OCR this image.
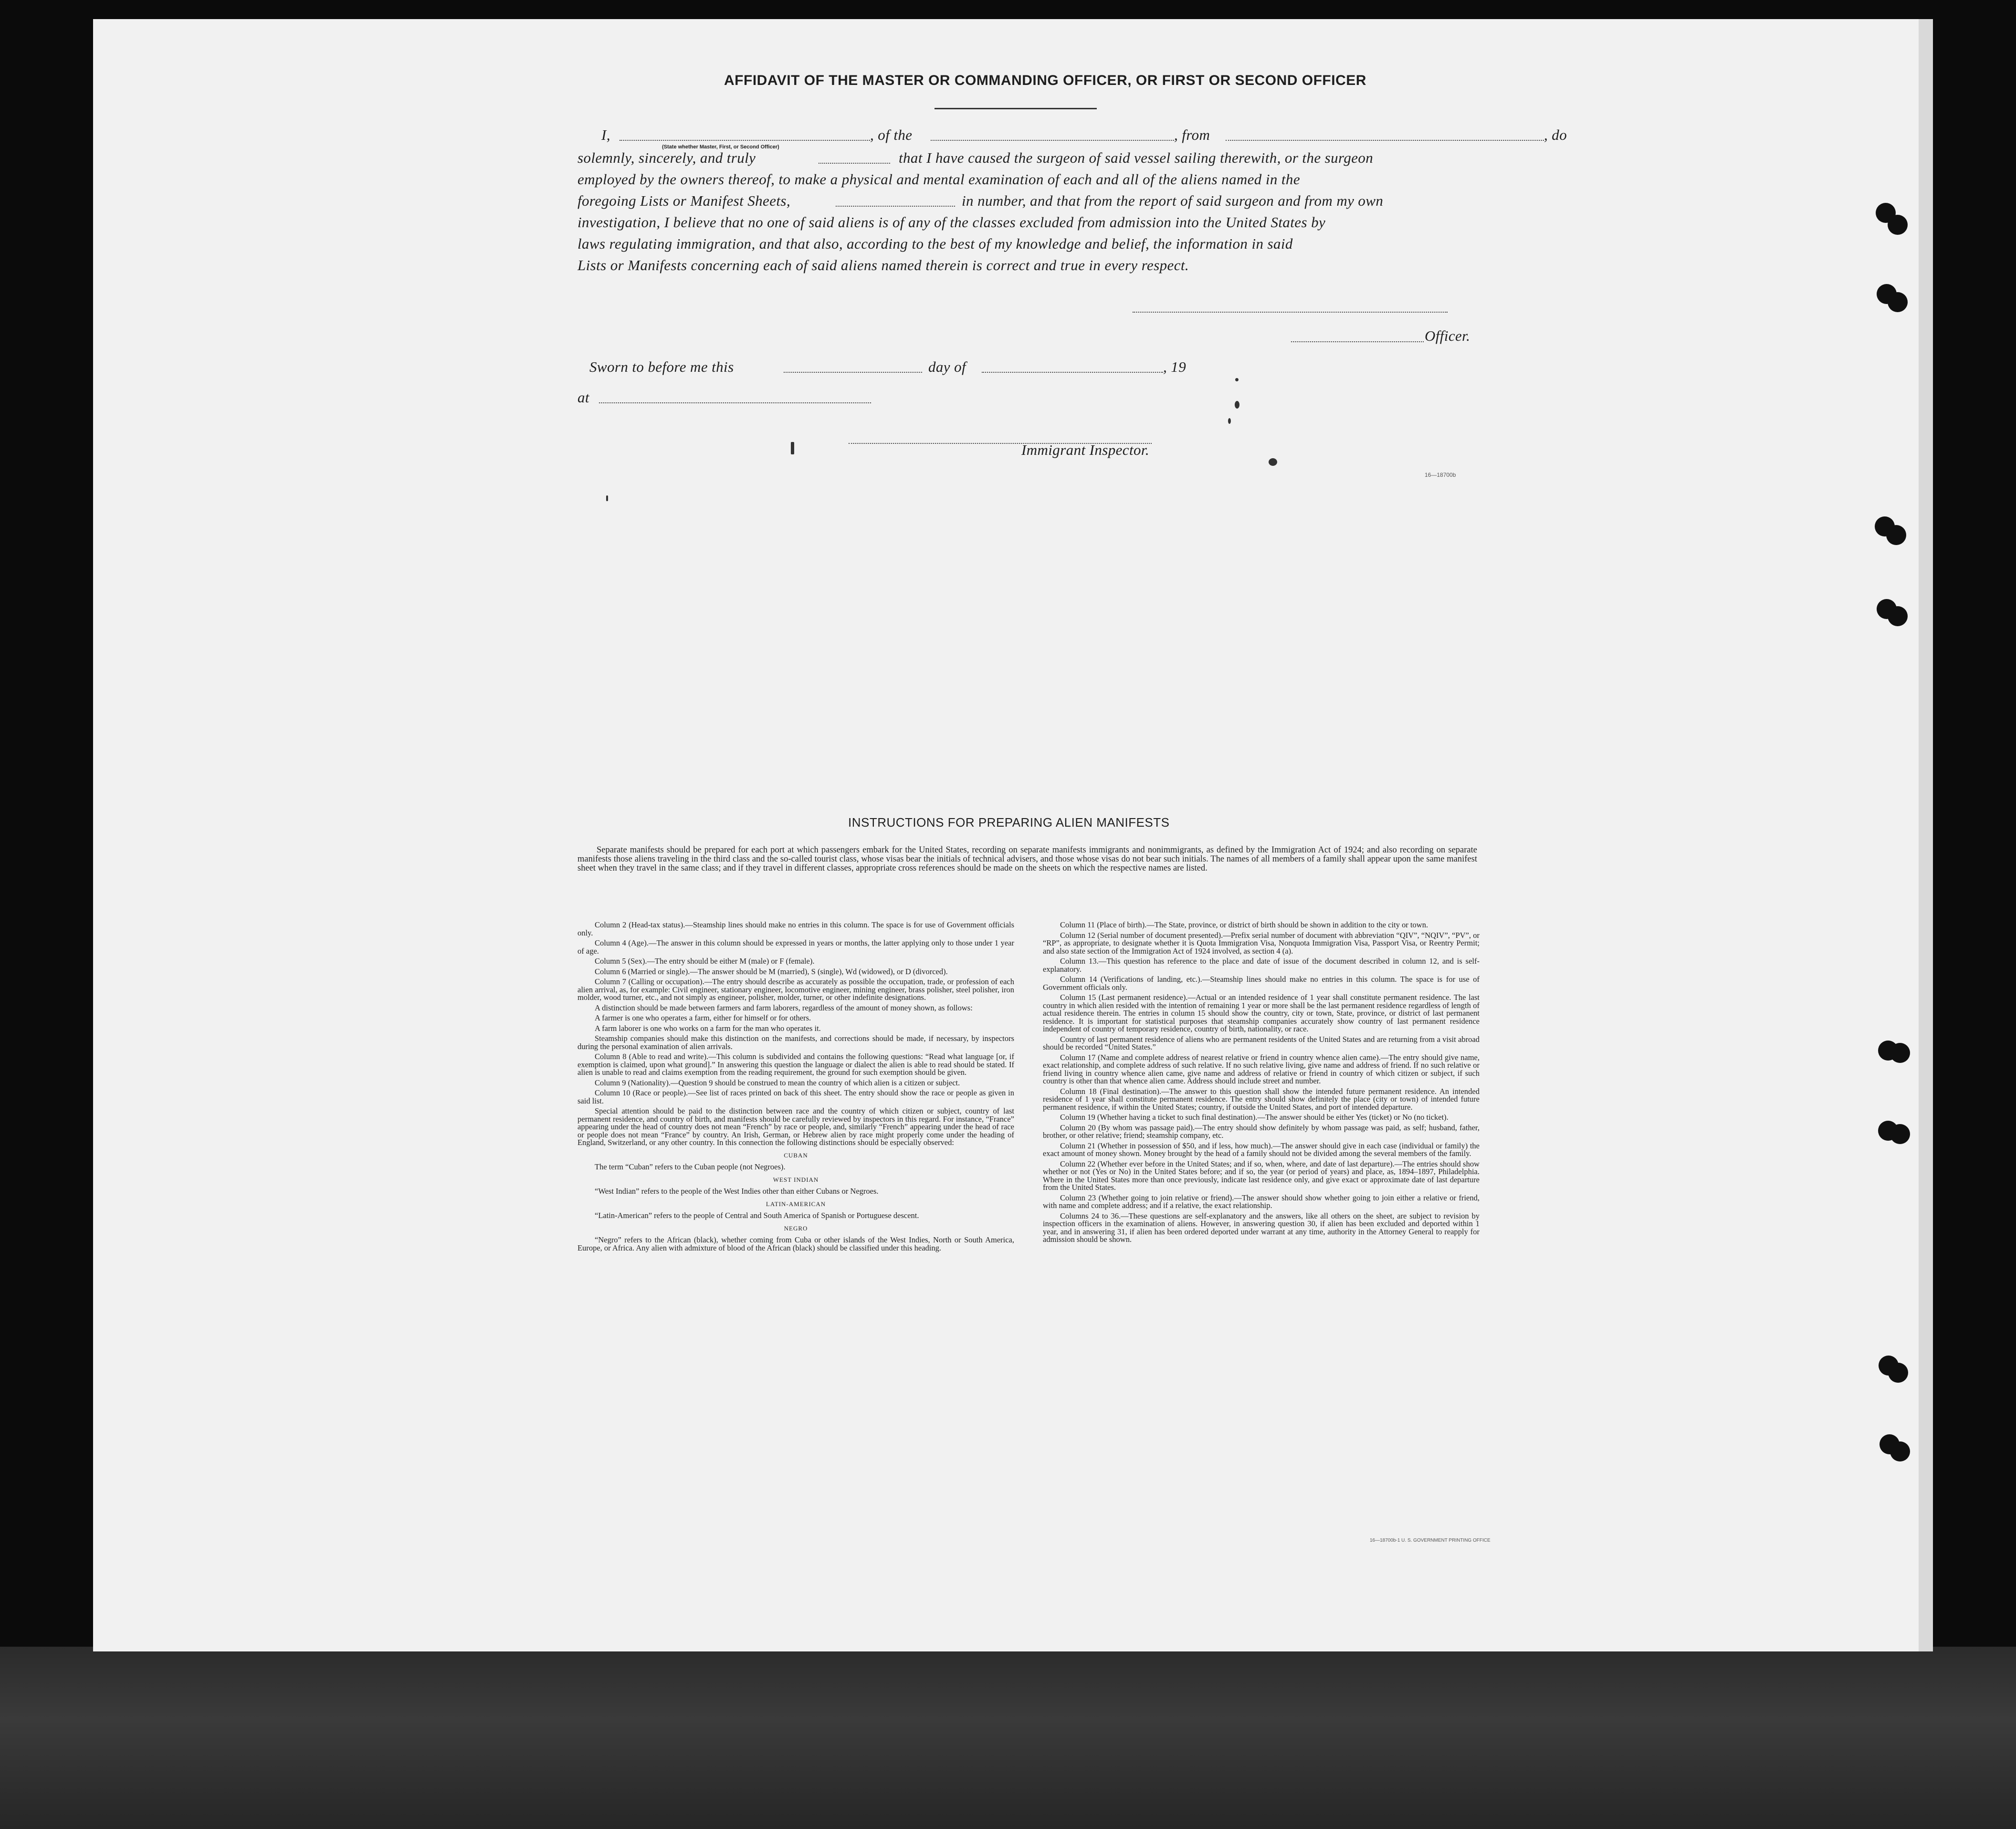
AFFIDAVIT OF THE MASTER OR COMMANDING OFFICER, OR FIRST OR SECOND OFFICER
I,
(State whether Master, First, or Second Officer)
, of the	, from	, do
solemnly, sincerely, and truly	that I have caused the surgeon of said vessel sailing therewith, or the surgeon
employed by the owners thereof, to make a physical and mental examination of each and all of the aliens named in the
foregoing Lists or Manifest Sheets,	in number, and that from the report of said surgeon and from my own
investigation, I believe that no one of said aliens is of any of the classes excluded from admission into the United States by
laws regulating immigration, and that also, according to the best of my knowledge and belief, the information in said
Lists or Manifests concerning each of said aliens named therein is correct and true in every respect.
Officer.
Sworn to before me this	day of	, 19
at
Immigrant Inspector.
16—18700b
INSTRUCTIONS FOR PREPARING ALIEN MANIFESTS

Separate manifests should be prepared for each port at which passengers embark for the United States, recording on separate manifests immigrants and nonimmigrants, as defined by the Immigration Act of 1924; and also recording on separate manifests those aliens traveling in the third class and the so-called tourist class, whose visas bear the initials of technical advisers, and those whose visas do not bear such initials. The names of all members of a family shall appear upon the same manifest sheet when they travel in the same class; and if they travel in different classes, appropriate cross references should be made on the sheets on which the respective names are listed.

Column 2 (Head-tax status).—Steamship lines should make no entries in this column. The space is for use of Government officials only.

Column 4 (Age).—The answer in this column should be expressed in years or months, the latter applying only to those under 1 year of age.

Column 5 (Sex).—The entry should be either M (male) or F (female).

Column 6 (Married or single).—The answer should be M (married), S (single), Wd (widowed), or D (divorced).

Column 7 (Calling or occupation).—The entry should describe as accurately as possible the occupation, trade, or profession of each alien arrival, as, for example: Civil engineer, stationary engineer, locomotive engineer, mining engineer, brass polisher, steel polisher, iron molder, wood turner, etc., and not simply as engineer, polisher, molder, turner, or other indefinite designations.

A distinction should be made between farmers and farm laborers, regardless of the amount of money shown, as follows:

A farmer is one who operates a farm, either for himself or for others.

A farm laborer is one who works on a farm for the man who operates it.

Steamship companies should make this distinction on the manifests, and corrections should be made, if necessary, by inspectors during the personal examination of alien arrivals.

Column 8 (Able to read and write).—This column is subdivided and contains the following questions: “Read what language [or, if exemption is claimed, upon what ground].” In answering this question the language or dialect the alien is able to read should be stated. If alien is unable to read and claims exemption from the reading requirement, the ground for such exemption should be given.

Column 9 (Nationality).—Question 9 should be construed to mean the country of which alien is a citizen or subject.

Column 10 (Race or people).—See list of races printed on back of this sheet. The entry should show the race or people as given in said list.

Special attention should be paid to the distinction between race and the country of which citizen or subject, country of last permanent residence, and country of birth, and manifests should be carefully reviewed by inspectors in this regard. For instance, “France” appearing under the head of country does not mean “French” by race or people, and, similarly “French” appearing under the head of race or people does not mean “France” by country. An Irish, German, or Hebrew alien by race might properly come under the heading of England, Switzerland, or any other country. In this connection the following distinctions should be especially observed:

CUBAN

The term “Cuban” refers to the Cuban people (not Negroes).

WEST INDIAN

“West Indian” refers to the people of the West Indies other than either Cubans or Negroes.

LATIN-AMERICAN

“Latin-American” refers to the people of Central and South America of Spanish or Portuguese descent.

NEGRO

“Negro” refers to the African (black), whether coming from Cuba or other islands of the West Indies, North or South America, Europe, or Africa. Any alien with admixture of blood of the African (black) should be classified under this heading.

Column 11 (Place of birth).—The State, province, or district of birth should be shown in addition to the city or town.

Column 12 (Serial number of document presented).—Prefix serial number of document with abbreviation “QIV”, “NQIV”, “PV”, or “RP”, as appropriate, to designate whether it is Quota Immigration Visa, Nonquota Immigration Visa, Passport Visa, or Reentry Permit; and also state section of the Immigration Act of 1924 involved, as section 4 (a).

Column 13.—This question has reference to the place and date of issue of the document described in column 12, and is self-explanatory.

Column 14 (Verifications of landing, etc.).—Steamship lines should make no entries in this column. The space is for use of Government officials only.

Column 15 (Last permanent residence).—Actual or an intended residence of 1 year shall constitute permanent residence. The last country in which alien resided with the intention of remaining 1 year or more shall be the last permanent residence regardless of length of actual residence therein. The entries in column 15 should show the country, city or town, State, province, or district of last permanent residence. It is important for statistical purposes that steamship companies accurately show country of last permanent residence independent of country of temporary residence, country of birth, nationality, or race.

Country of last permanent residence of aliens who are permanent residents of the United States and are returning from a visit abroad should be recorded “United States.”

Column 17 (Name and complete address of nearest relative or friend in country whence alien came).—The entry should give name, exact relationship, and complete address of such relative. If no such relative living, give name and address of friend. If no such relative or friend living in country whence alien came, give name and address of relative or friend in country of which citizen or subject, if such country is other than that whence alien came. Address should include street and number.

Column 18 (Final destination).—The answer to this question shall show the intended future permanent residence. An intended residence of 1 year shall constitute permanent residence. The entry should show definitely the place (city or town) of intended future permanent residence, if within the United States; country, if outside the United States, and port of intended departure.

Column 19 (Whether having a ticket to such final destination).—The answer should be either Yes (ticket) or No (no ticket).

Column 20 (By whom was passage paid).—The entry should show definitely by whom passage was paid, as self; husband, father, brother, or other relative; friend; steamship company, etc.

Column 21 (Whether in possession of $50, and if less, how much).—The answer should give in each case (individual or family) the exact amount of money shown. Money brought by the head of a family should not be divided among the several members of the family.

Column 22 (Whether ever before in the United States; and if so, when, where, and date of last departure).—The entries should show whether or not (Yes or No) in the United States before; and if so, the year (or period of years) and place, as, 1894–1897, Philadelphia. Where in the United States more than once previously, indicate last residence only, and give exact or approximate date of last departure from the United States.

Column 23 (Whether going to join relative or friend).—The answer should show whether going to join either a relative or friend, with name and complete address; and if a relative, the exact relationship.

Columns 24 to 36.—These questions are self-explanatory and the answers, like all others on the sheet, are subject to revision by inspection officers in the examination of aliens. However, in answering question 30, if alien has been excluded and deported within 1 year, and in answering 31, if alien has been ordered deported under warrant at any time, authority in the Attorney General to reapply for admission should be shown.

16—18700b-1 U. S. GOVERNMENT PRINTING OFFICE
